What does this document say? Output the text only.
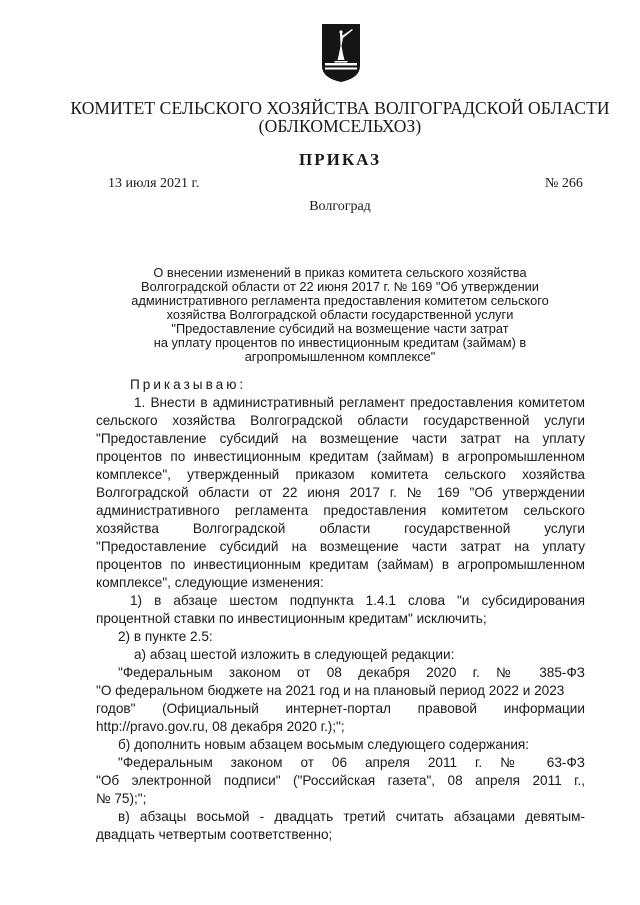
КОМИТЕТ СЕЛЬСКОГО ХОЗЯЙСТВА ВОЛГОГРАДСКОЙ ОБЛАСТИ
(ОБЛКОМСЕЛЬХОЗ)
ПРИКАЗ
13 июля 2021 г.	№ 266
Волгоград
О внесении изменений в приказ комитета сельского хозяйства
Волгоградской области от 22 июня 2017 г. № 169 "Об утверждении
административного регламента предоставления комитетом сельского
хозяйства Волгоградской области государственной услуги
"Предоставление субсидий на возмещение части затрат
на уплату процентов по инвестиционным кредитам (займам) в
агропромышленном комплексе"
Приказываю:
1. Внести в административный регламент предоставления комитетом
сельского хозяйства Волгоградской области государственной услуги
"Предоставление субсидий на возмещение части затрат на уплату
процентов по инвестиционным кредитам (займам) в агропромышленном
комплексе", утвержденный приказом комитета сельского хозяйства
Волгоградской области от 22 июня 2017 г. № 169 "Об утверждении
административного регламента предоставления комитетом сельского
хозяйства Волгоградской области государственной услуги
"Предоставление субсидий на возмещение части затрат на уплату
процентов по инвестиционным кредитам (займам) в агропромышленном
комплексе", следующие изменения:
1) в абзаце шестом подпункта 1.4.1 слова "и субсидирования
процентной ставки по инвестиционным кредитам" исключить;
2) в пункте 2.5:
а) абзац шестой изложить в следующей редакции:
"Федеральным законом от 08 декабря 2020 г. № 385-ФЗ
"О федеральном бюджете на 2021 год и на плановый период 2022 и 2023
годов" (Официальный интернет-портал правовой информации
http://pravo.gov.ru, 08 декабря 2020 г.);";
б) дополнить новым абзацем восьмым следующего содержания:
"Федеральным законом от 06 апреля 2011 г. № 63-ФЗ
"Об электронной подписи" ("Российская газета", 08 апреля 2011 г.,
№ 75);";
в) абзацы восьмой - двадцать третий считать абзацами девятым-
двадцать четвертым соответственно;
